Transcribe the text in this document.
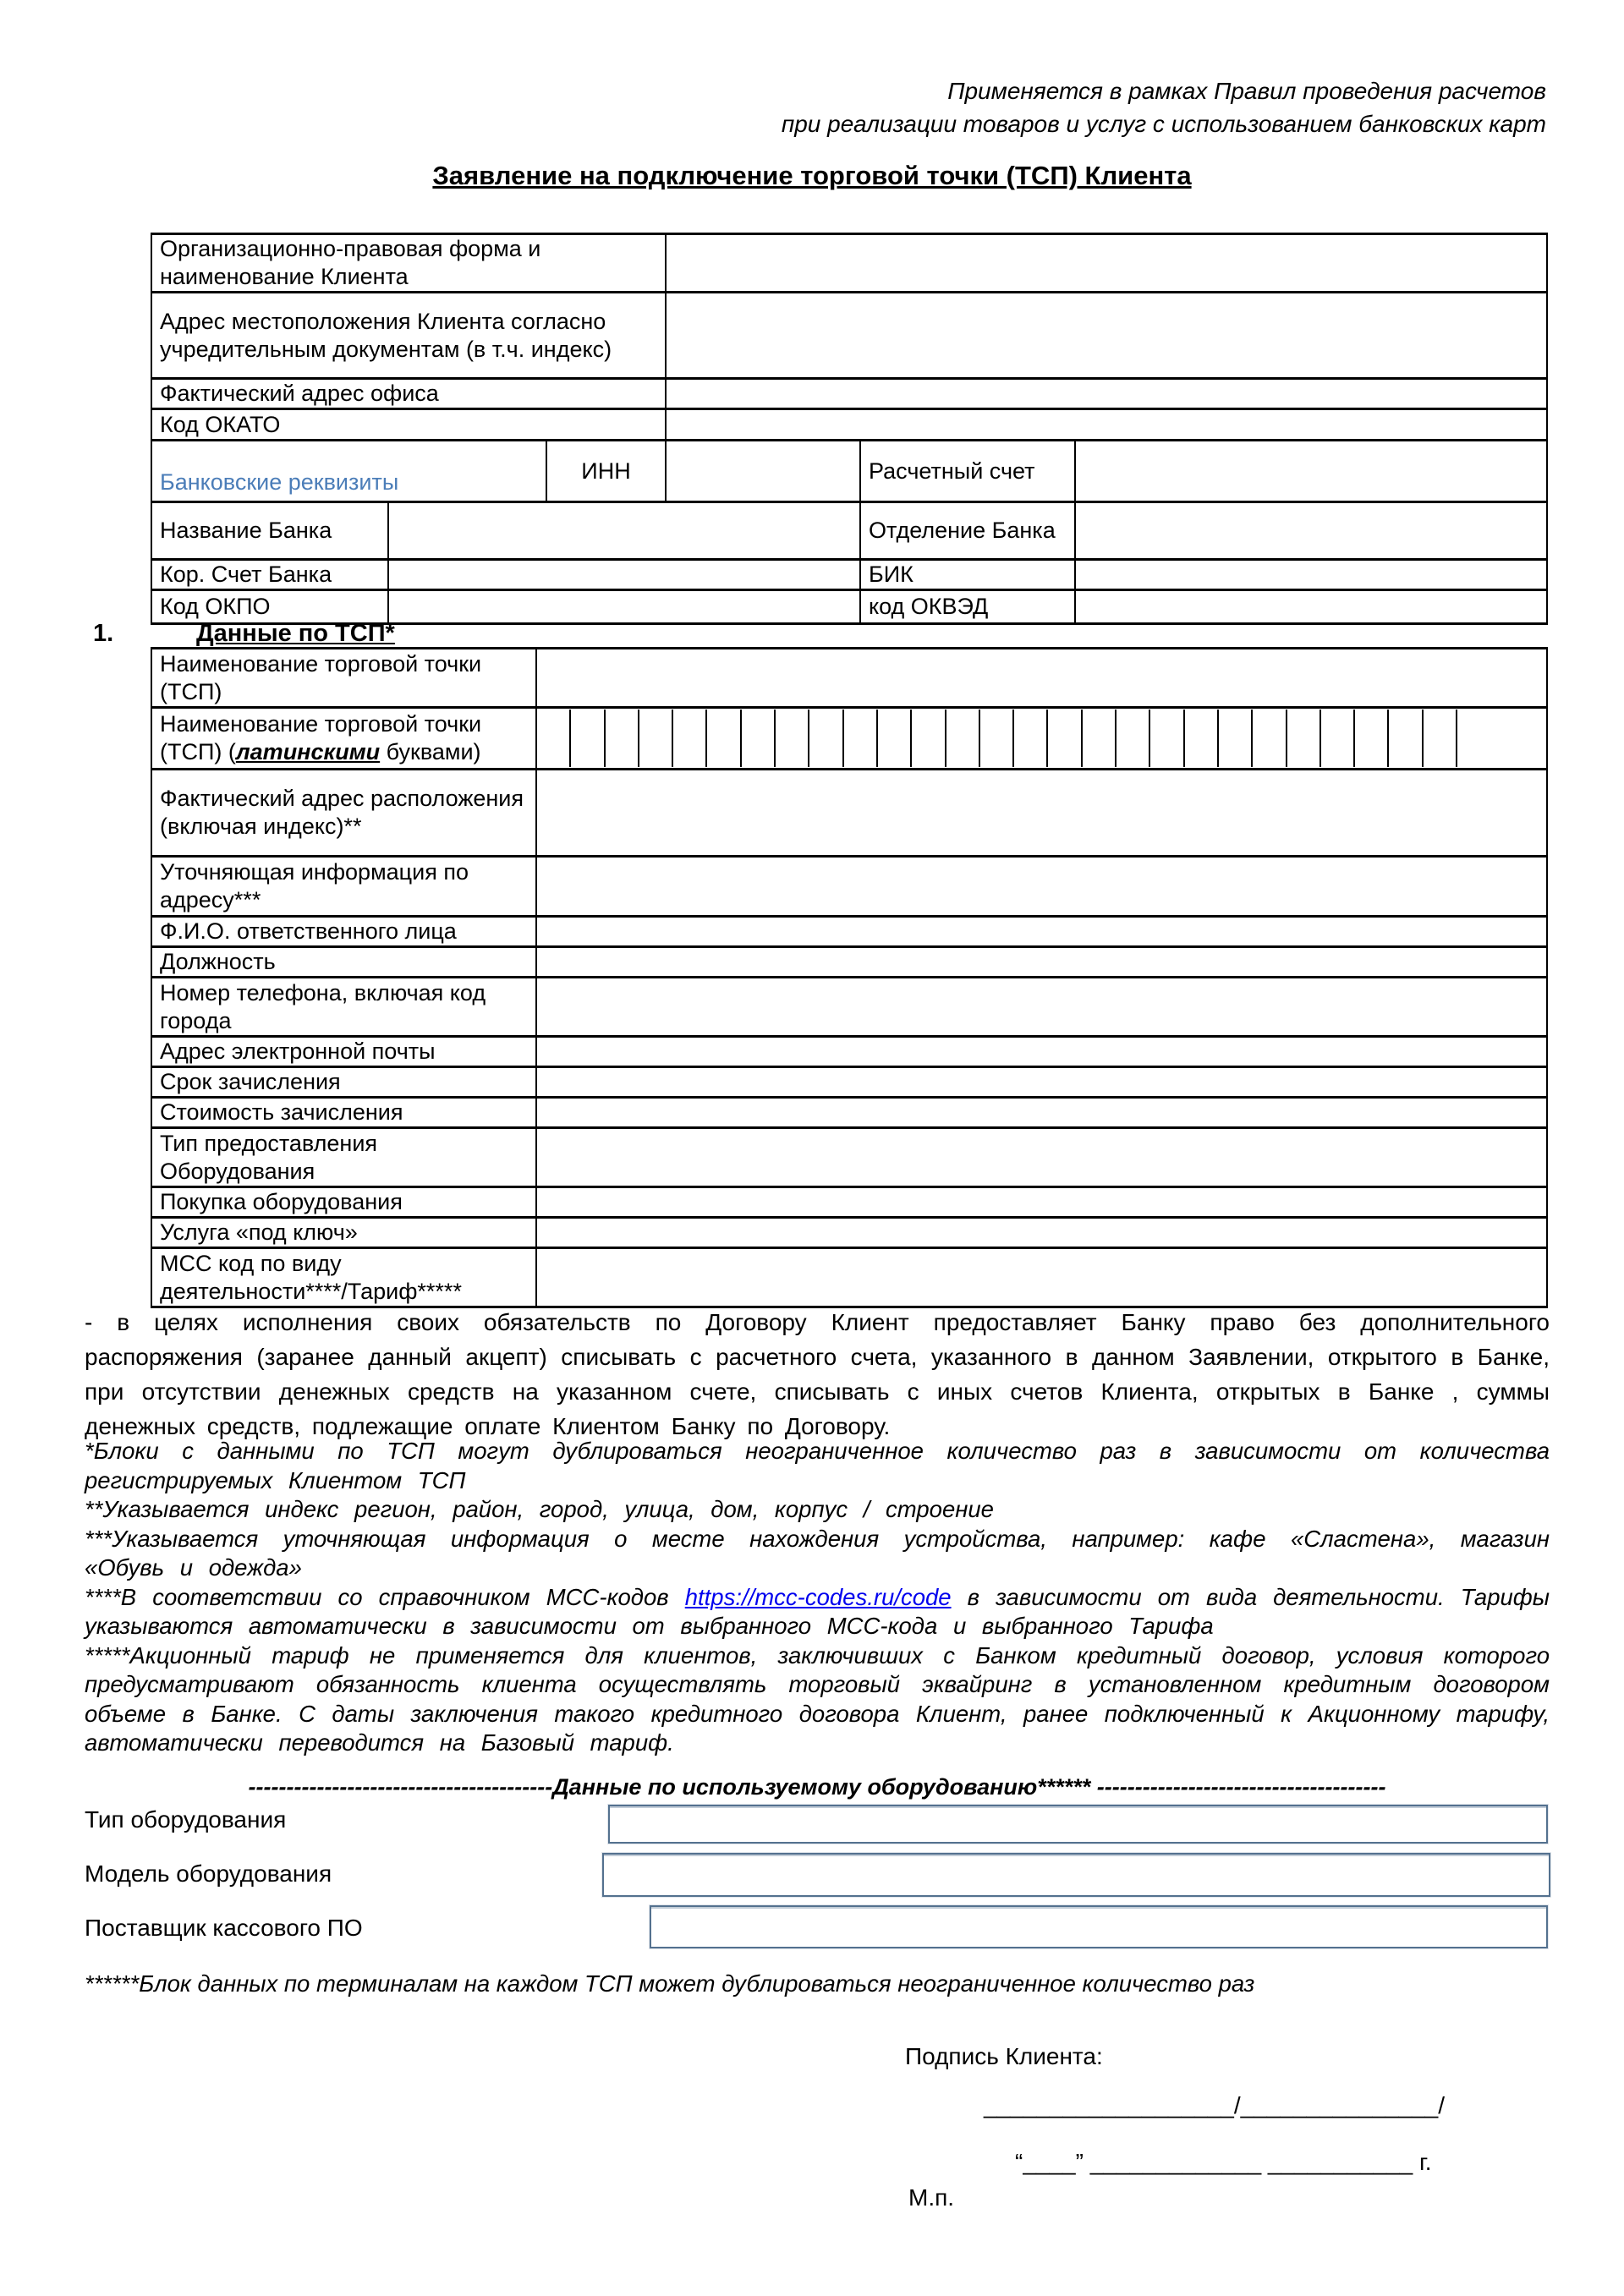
Применяется в рамках Правил проведения расчетов
при реализации товаров и услуг с использованием банковских карт
Заявление на подключение торговой точки (ТСП) Клиента
Организационно-правовая форма и наименование Клиента					
Адрес местоположения Клиента согласно учредительным документам (в т.ч. индекс)					
Фактический адрес офиса					
Код ОКАТО					
Банковские реквизиты		ИНН		Расчетный счет	
Название Банка				Отделение Банка	
Кор. Счет Банка				БИК	
Код ОКПО				код ОКВЭД	
1.	Данные по ТСП*
Наименование торговой точки (ТСП)	
Наименование торговой точки (ТСП) (латинскими буквами)	

Фактический адрес расположения (включая индекс)**	
Уточняющая информация по адресу***	
Ф.И.О. ответственного лица	
Должность	
Номер телефона, включая код города	
Адрес электронной почты	
Срок зачисления	
Стоимость зачисления	
Тип предоставления Оборудования	
Покупка оборудования	
Услуга «под ключ»	
МСС код по виду деятельности****/Тариф*****	

- в целях исполнения своих обязательств по Договору Клиент предоставляет Банку право без дополнительного распоряжения (заранее данный акцепт) списывать с расчетного счета, указанного в данном Заявлении, открытого в Банке, при отсутствии денежных средств на указанном счете, списывать с иных счетов Клиента, открытых в Банке , суммы денежных средств, подлежащие оплате Клиентом Банку по Договору.

*Блоки с данными по ТСП могут дублироваться неограниченное количество раз в зависимости от количества регистрируемых Клиентом ТСП

**Указывается индекс регион, район, город, улица, дом, корпус / строение

***Указывается уточняющая информация о месте нахождения устройства, например: кафе «Сластена», магазин «Обувь и одежда»

****В соответствии со справочником МСС-кодов https://mcc-codes.ru/code в зависимости от вида деятельности. Тарифы указываются автоматически в зависимости от выбранного МСС-кода и выбранного Тарифа

*****Акционный тариф не применяется для клиентов, заключивших с Банком кредитный договор, условия которого предусматривают обязанность клиента осуществлять торговый эквайринг в установленном кредитным договором объеме в Банке. С даты заключения такого кредитного договора Клиент, ранее подключенный к Акционному тарифу, автоматически переводится на Базовый тариф.

----------------------------------------Данные по используемому оборудованию****** --------------------------------------
Тип оборудования
Модель оборудования
Поставщик кассового ПО
******Блок данных по терминалам на каждом ТСП может дублироваться неограниченное количество раз
Подпись Клиента:
___________________/_______________/
“____” _____________ ___________ г.
М.п.
